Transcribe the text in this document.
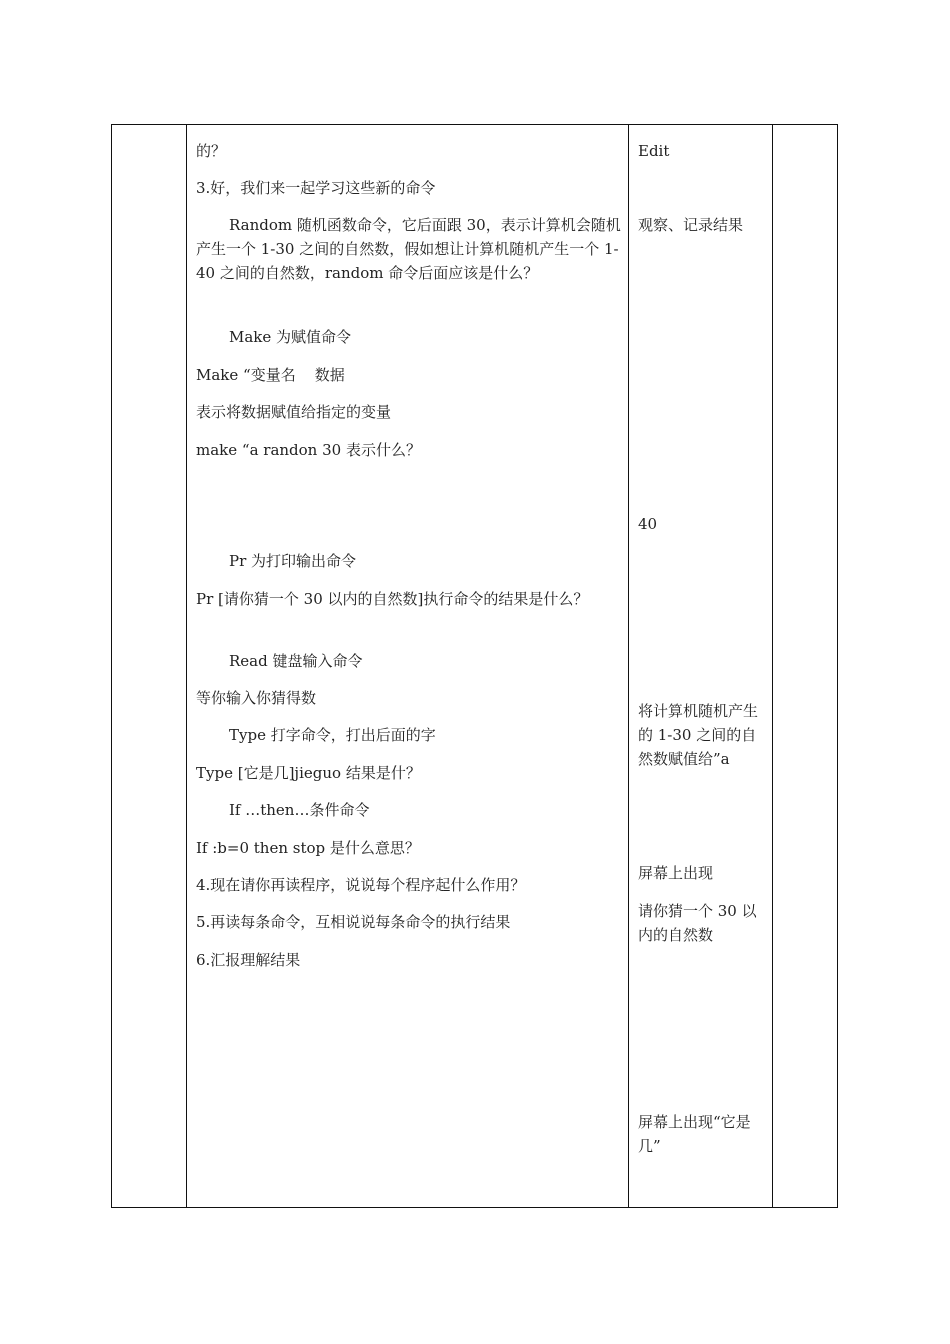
的？

3.好，我们来一起学习这些新的命令

Random 随机函数命令，它后面跟 30，表示计算机会随机产生一个 1-30 之间的自然数，假如想让计算机随机产生一个 1-40 之间的自然数，random 命令后面应该是什么？

Make 为赋值命令

Make “变量名    数据

表示将数据赋值给指定的变量

make “a randon 30 表示什么？

Pr 为打印输出命令

Pr [请你猜一个 30 以内的自然数]执行命令的结果是什么？

Read 键盘输入命令

等你输入你猜得数

Type 打字命令，打出后面的字

Type [它是几]jieguo 结果是什？

If …then…条件命令

If :b=0 then stop 是什么意思？

4.现在请你再读程序，说说每个程序起什么作用？

5.再读每条命令，互相说说每条命令的执行结果

6.汇报理解结果

Edit

观察、记录结果

40

将计算机随机产生的 1-30 之间的自然数赋值给”a

屏幕上出现

请你猜一个 30 以内的自然数

屏幕上出现“它是几”
